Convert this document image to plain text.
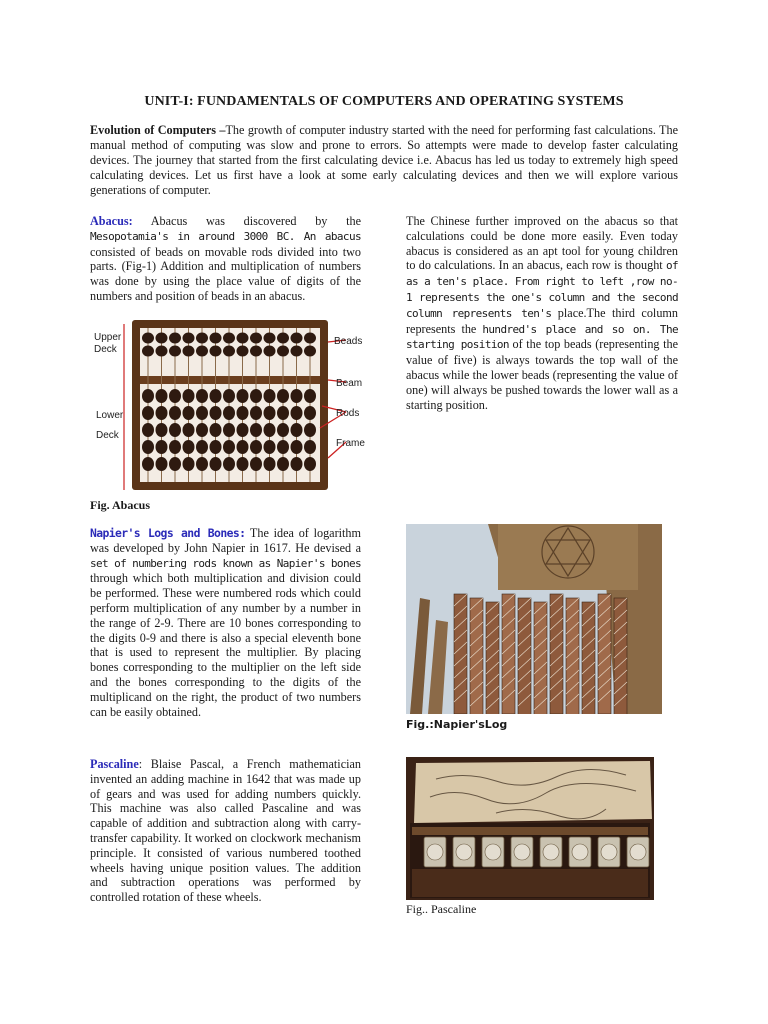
UNIT-I: FUNDAMENTALS OF COMPUTERS AND OPERATING SYSTEMS
Evolution of Computers –The growth of computer industry started with the need for performing fast calculations. The manual method of computing was slow and prone to errors. So attempts were made to develop faster calculating devices. The journey that started from the first calculating device i.e. Abacus has led us today to extremely high speed calculating devices. Let us first have a look at some early calculating devices and then we will explore various generations of computer.
Abacus: Abacus was discovered by the Mesopotamia's in around 3000 BC. An abacus consisted of beads on movable rods divided into two parts. (Fig-1) Addition and multiplication of numbers was done by using the place value of digits of the numbers and position of beads in an abacus.
Upper Deck
Lower Deck
Beads
Beam
Rods
Frame
Fig. Abacus
The Chinese further improved on the abacus so that calculations could be done more easily. Even today abacus is considered as an apt tool for young children to do calculations. In an abacus, each row is thought of as a ten's place. From right to left ,row no-1 represents the one's column and the second column represents ten's place.The third column represents the hundred's place and so on. The starting position of the top beads (representing the value of five) is always towards the top wall of the abacus while the lower beads (representing the value of one) will always be pushed towards the lower wall as a starting position.
Napier's Logs and Bones: The idea of logarithm was developed by John Napier in 1617. He devised a set of numbering rods known as Napier's bones through which both multiplication and division could be performed. These were numbered rods which could perform multiplication of any number by a number in the range of 2-9. There are 10 bones corresponding to the digits 0-9 and there is also a special eleventh bone that is used to represent the multiplier. By placing bones corresponding to the multiplier on the left side and the bones corresponding to the digits of the multiplicand on the right, the product of two numbers can be easily obtained.
Fig.:Napier'sLog
Pascaline: Blaise Pascal, a French mathematician invented an adding machine in 1642 that was made up of gears and was used for adding numbers quickly. This machine was also called Pascaline and was capable of addition and subtraction along with carry-transfer capability. It worked on clockwork mechanism principle. It consisted of various numbered toothed wheels having unique position values. The addition and subtraction operations was performed by controlled rotation of these wheels.
Fig.. Pascaline
